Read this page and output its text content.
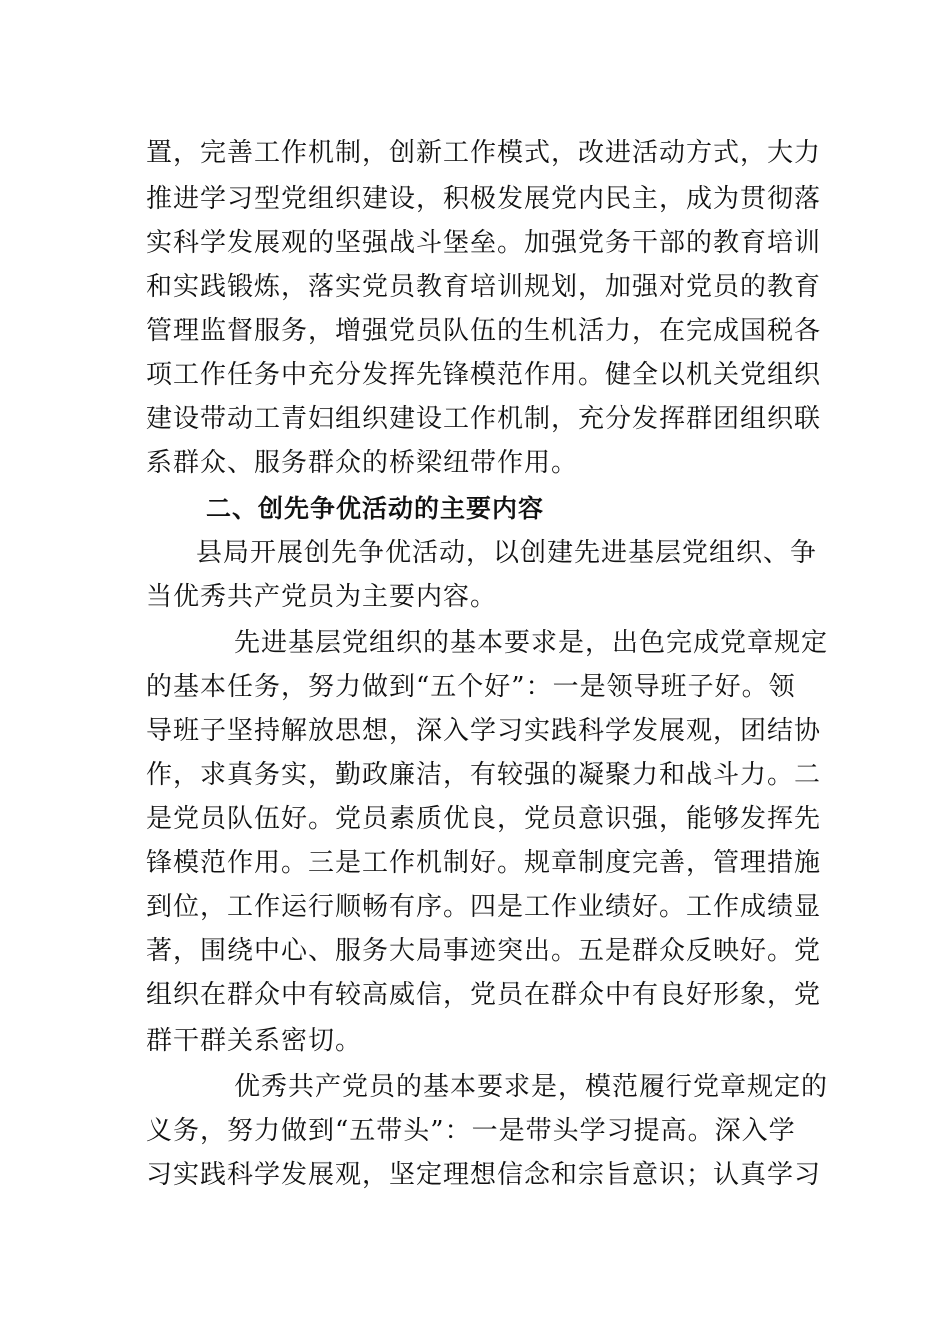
置，完善工作机制，创新工作模式，改进活动方式，大力
推进学习型党组织建设，积极发展党内民主，成为贯彻落
实科学发展观的坚强战斗堡垒。加强党务干部的教育培训
和实践锻炼，落实党员教育培训规划，加强对党员的教育
管理监督服务，增强党员队伍的生机活力，在完成国税各
项工作任务中充分发挥先锋模范作用。健全以机关党组织
建设带动工青妇组织建设工作机制，充分发挥群团组织联
系群众、服务群众的桥梁纽带作用。
二、创先争优活动的主要内容
县局开展创先争优活动，以创建先进基层党组织、争
当优秀共产党员为主要内容。
先进基层党组织的基本要求是，出色完成党章规定
的基本任务，努力做到“五个好”：一是领导班子好。领
导班子坚持解放思想，深入学习实践科学发展观，团结协
作，求真务实，勤政廉洁，有较强的凝聚力和战斗力。二
是党员队伍好。党员素质优良，党员意识强，能够发挥先
锋模范作用。三是工作机制好。规章制度完善，管理措施
到位，工作运行顺畅有序。四是工作业绩好。工作成绩显
著，围绕中心、服务大局事迹突出。五是群众反映好。党
组织在群众中有较高威信，党员在群众中有良好形象，党
群干群关系密切。
优秀共产党员的基本要求是，模范履行党章规定的
义务，努力做到“五带头”：一是带头学习提高。深入学
习实践科学发展观，坚定理想信念和宗旨意识；认真学习
